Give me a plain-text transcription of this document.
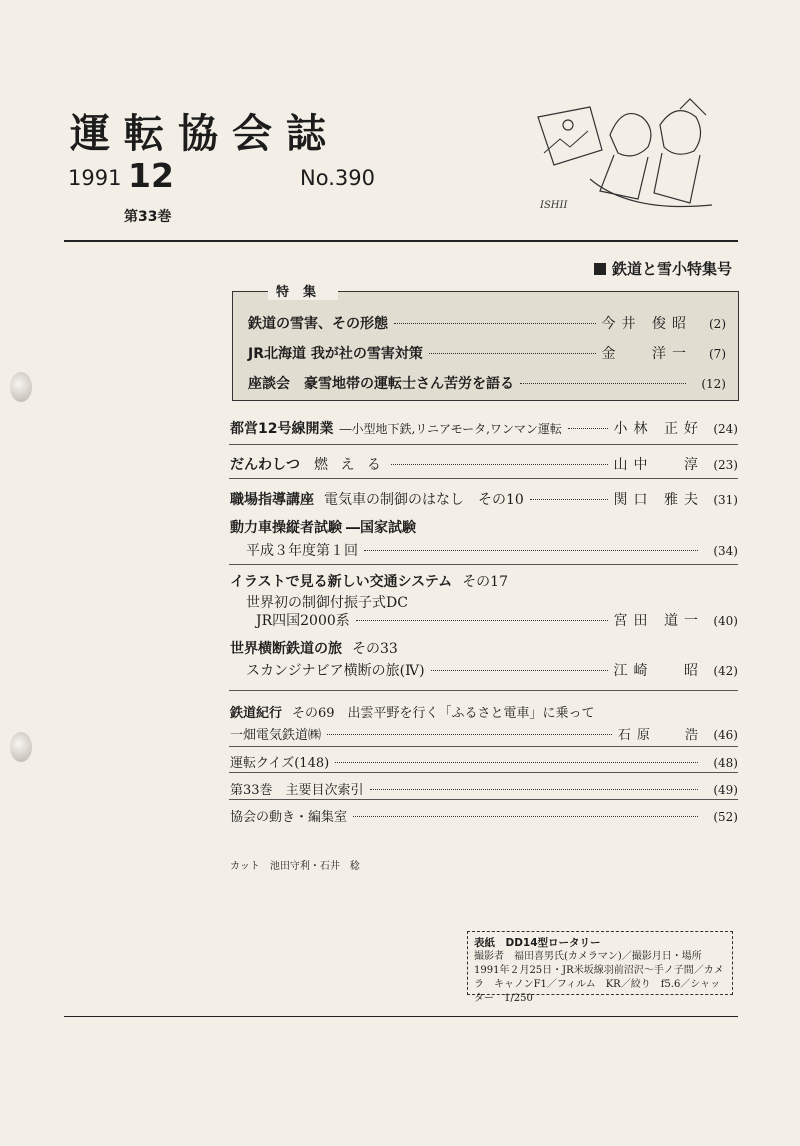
運転協会誌
1991 12
第33巻
No.390
ISHII
鉄道と雪小特集号
特集
鉄道の雪害、その形態	今井 俊昭	(2)
JR北海道 我が社の雪害対策	金　 洋一	(7)
座談会　豪雪地帯の運転士さん苦労を語る	(12)
都営12号線開業 ―小型地下鉄,リニアモータ,ワンマン運転	小林 正好 (24)
だんわしつ 燃 え る	山中 　淳 (23)
職場指導講座 電気車の制御のはなし　その10	関口 雅夫 (31)
動力車操縦者試験 ―国家試験
平成３年度第１回	(34)
イラストで見る新しい交通システム その17
世界初の制御付振子式DC
JR四国2000系	宮田 道一 (40)
世界横断鉄道の旅 その33
スカンジナビア横断の旅(Ⅳ)	江崎 　昭 (42)
鉄道紀行 その69　出雲平野を行く「ふるさと電車」に乗って
一畑電気鉄道㈱	石原 　浩 (46)
運転クイズ(148)	(48)
第33巻　主要目次索引	(49)
協会の動き・編集室	(52)
カット　池田守利・石井　稔
表紙　DD14型ロータリー
撮影者　福田喜男氏(カメラマン)／撮影月日・場所　1991年２月25日・JR米坂線羽前沼沢～手ノ子間／カメラ　キャノンF1／フィルム　KR／絞り　f5.6／シャッター　1/250
